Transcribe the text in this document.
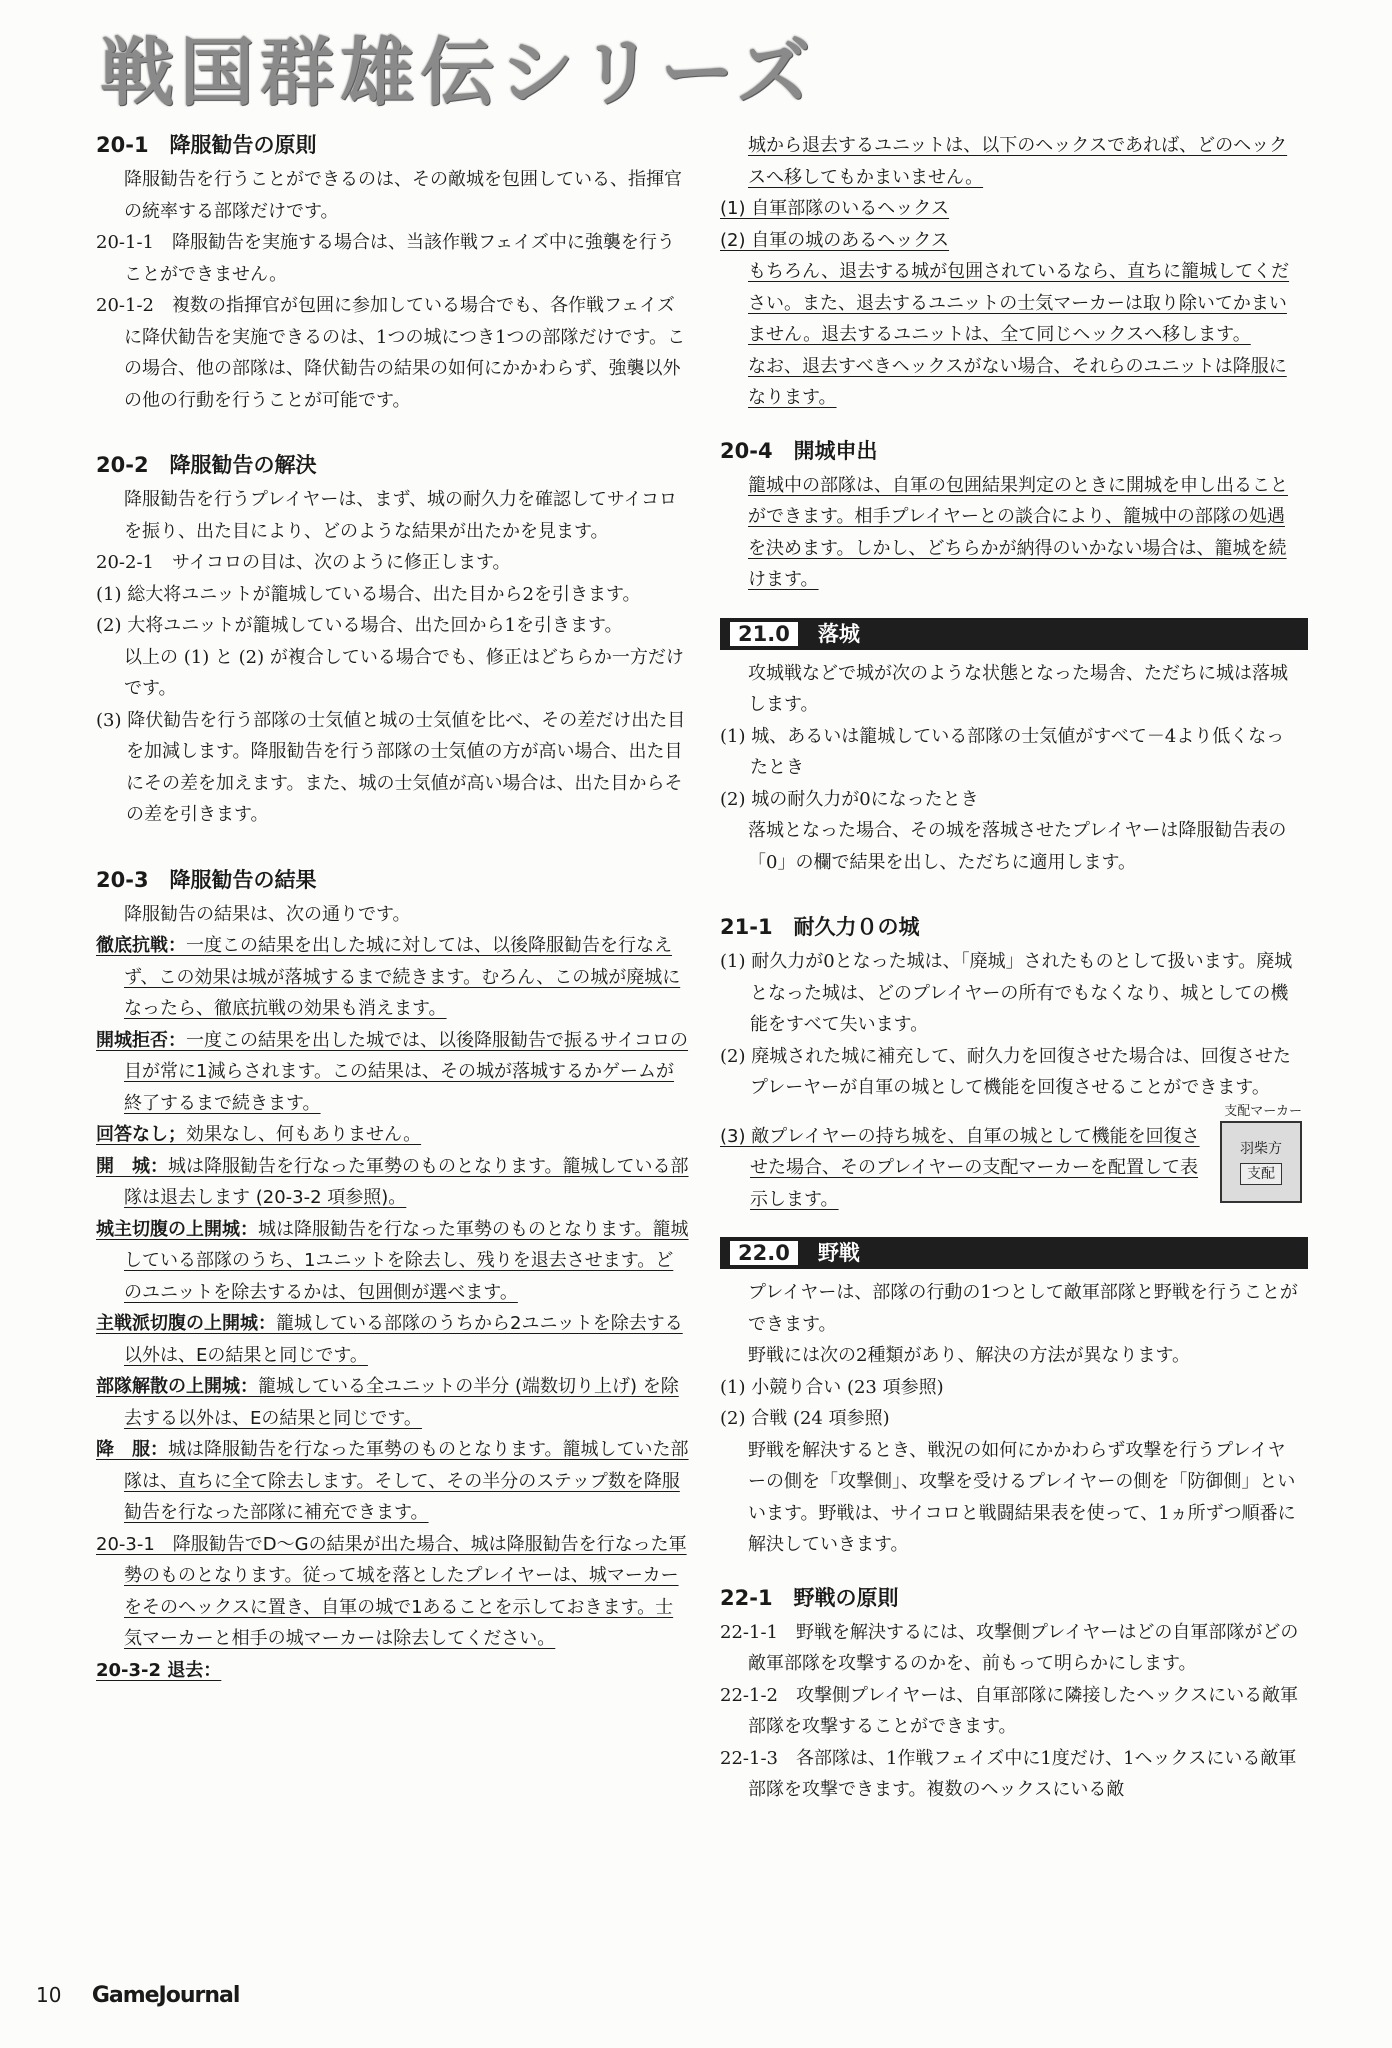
戦国群雄伝シリーズ
20-1　降服勧告の原則

降服勧告を行うことができるのは、その敵城を包囲している、指揮官の統率する部隊だけです。

20-1-1　降服勧告を実施する場合は、当該作戦フェイズ中に強襲を行うことができません。

20-1-2　複数の指揮官が包囲に参加している場合でも、各作戦フェイズに降伏勧告を実施できるのは、1つの城につき1つの部隊だけです。この場合、他の部隊は、降伏勧告の結果の如何にかかわらず、強襲以外の他の行動を行うことが可能です。

20-2　降服勧告の解決

降服勧告を行うプレイヤーは、まず、城の耐久力を確認してサイコロを振り、出た目により、どのような結果が出たかを見ます。

20-2-1　サイコロの目は、次のように修正します。

(1) 総大将ユニットが籠城している場合、出た目から2を引きます。

(2) 大将ユニットが籠城している場合、出た回から1を引きます。

以上の (1) と (2) が複合している場合でも、修正はどちらか一方だけです。

(3) 降伏勧告を行う部隊の士気値と城の士気値を比べ、その差だけ出た目を加減します。降服勧告を行う部隊の士気値の方が高い場合、出た目にその差を加えます。また、城の士気値が高い場合は、出た目からその差を引きます。

20-3　降服勧告の結果

降服勧告の結果は、次の通りです。

徹底抗戦：一度この結果を出した城に対しては、以後降服勧告を行なえず、この効果は城が落城するまで続きます。むろん、この城が廃城になったら、徹底抗戦の効果も消えます。

開城拒否：一度この結果を出した城では、以後降服勧告で振るサイコロの目が常に1減らされます。この結果は、その城が落城するかゲームが終了するまで続きます。

回答なし；効果なし、何もありません。

開　城：城は降服勧告を行なった軍勢のものとなります。籠城している部隊は退去します (20-3-2 項参照)。

城主切腹の上開城：城は降服勧告を行なった軍勢のものとなります。籠城している部隊のうち、1ユニットを除去し、残りを退去させます。どのユニットを除去するかは、包囲側が選べます。

主戦派切腹の上開城：籠城している部隊のうちから2ユニットを除去する以外は、Eの結果と同じです。

部隊解散の上開城：籠城している全ユニットの半分 (端数切り上げ) を除去する以外は、Eの結果と同じです。

降　服：城は降服勧告を行なった軍勢のものとなります。籠城していた部隊は、直ちに全て除去します。そして、その半分のステップ数を降服勧告を行なった部隊に補充できます。

20-3-1　降服勧告でD〜Gの結果が出た場合、城は降服勧告を行なった軍勢のものとなります。従って城を落としたプレイヤーは、城マーカーをそのヘックスに置き、自軍の城で1あることを示しておきます。士気マーカーと相手の城マーカーは除去してください。

20-3-2 退去：

城から退去するユニットは、以下のヘックスであれば、どのヘックスへ移してもかまいません。

(1) 自軍部隊のいるヘックス

(2) 自軍の城のあるヘックス

もちろん、退去する城が包囲されているなら、直ちに籠城してください。また、退去するユニットの士気マーカーは取り除いてかまいません。退去するユニットは、全て同じヘックスへ移します。

なお、退去すべきヘックスがない場合、それらのユニットは降服になります。

20-4　開城申出

籠城中の部隊は、自軍の包囲結果判定のときに開城を申し出ることができます。相手プレイヤーとの談合により、籠城中の部隊の処遇を決めます。しかし、どちらかが納得のいかない場合は、籠城を続けます。

21.0 落城

攻城戦などで城が次のような状態となった場舎、ただちに城は落城します。

(1) 城、あるいは籠城している部隊の士気値がすべて－4より低くなったとき

(2) 城の耐久力が0になったとき

落城となった場合、その城を落城させたプレイヤーは降服勧告表の「0」の欄で結果を出し、ただちに適用します。

21-1　耐久力０の城

(1) 耐久力が0となった城は、「廃城」されたものとして扱います。廃城となった城は、どのプレイヤーの所有でもなくなり、城としての機能をすべて失います。

(2) 廃城された城に補充して、耐久力を回復させた場合は、回復させたプレーヤーが自軍の城として機能を回復させることができます。

支配マーカー

(3) 敵プレイヤーの持ち城を、自軍の城として機能を回復させた場合、そのプレイヤーの支配マーカーを配置して表示します。

羽柴方
支配
22.0 野戦

プレイヤーは、部隊の行動の1つとして敵軍部隊と野戦を行うことができます。

野戦には次の2種類があり、解決の方法が異なります。

(1) 小競り合い (23 項参照)

(2) 合戦 (24 項参照)

野戦を解決するとき、戦況の如何にかかわらず攻撃を行うプレイヤーの側を「攻撃側」、攻撃を受けるプレイヤーの側を「防御側」といいます。野戦は、サイコロと戦闘結果表を使って、1ヵ所ずつ順番に解決していきます。

22-1　野戦の原則

22-1-1　野戦を解決するには、攻撃側プレイヤーはどの自軍部隊がどの敵軍部隊を攻撃するのかを、前もって明らかにします。

22-1-2　攻撃側プレイヤーは、自軍部隊に隣接したヘックスにいる敵軍部隊を攻撃することができます。

22-1-3　各部隊は、1作戦フェイズ中に1度だけ、1ヘックスにいる敵軍部隊を攻撃できます。複数のヘックスにいる敵

10 GameJournal
